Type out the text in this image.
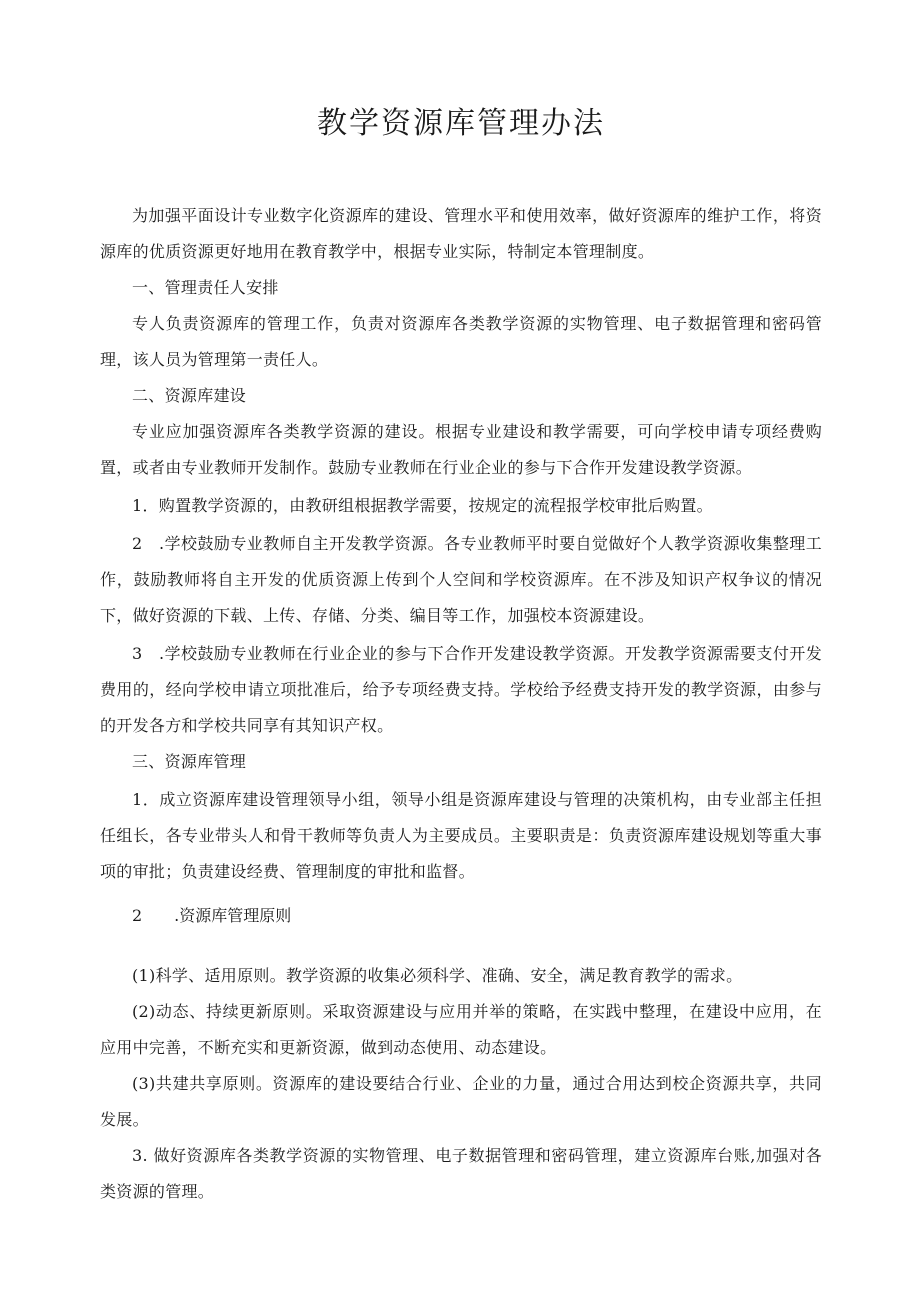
教学资源库管理办法

为加强平面设计专业数字化资源库的建设、管理水平和使用效率，做好资源库的维护工作，将资源库的优质资源更好地用在教育教学中，根据专业实际，特制定本管理制度。

一、管理责任人安排

专人负责资源库的管理工作，负责对资源库各类教学资源的实物管理、电子数据管理和密码管理，该人员为管理第一责任人。

二、资源库建设

专业应加强资源库各类教学资源的建设。根据专业建设和教学需要，可向学校申请专项经费购置，或者由专业教师开发制作。鼓励专业教师在行业企业的参与下合作开发建设教学资源。

1．购置教学资源的，由教研组根据教学需要，按规定的流程报学校审批后购置。

2　.学校鼓励专业教师自主开发教学资源。各专业教师平时要自觉做好个人教学资源收集整理工作，鼓励教师将自主开发的优质资源上传到个人空间和学校资源库。在不涉及知识产权争议的情况下，做好资源的下载、上传、存储、分类、编目等工作，加强校本资源建设。

3　.学校鼓励专业教师在行业企业的参与下合作开发建设教学资源。开发教学资源需要支付开发费用的，经向学校申请立项批准后，给予专项经费支持。学校给予经费支持开发的教学资源，由参与的开发各方和学校共同享有其知识产权。

三、资源库管理

1．成立资源库建设管理领导小组，领导小组是资源库建设与管理的决策机构，由专业部主任担任组长，各专业带头人和骨干教师等负责人为主要成员。主要职责是：负责资源库建设规划等重大事项的审批；负责建设经费、管理制度的审批和监督。

2　　.资源库管理原则

(1)科学、适用原则。教学资源的收集必须科学、准确、安全，满足教育教学的需求。

(2)动态、持续更新原则。采取资源建设与应用并举的策略，在实践中整理，在建设中应用，在应用中完善，不断充实和更新资源，做到动态使用、动态建设。

(3)共建共享原则。资源库的建设要结合行业、企业的力量，通过合用达到校企资源共享，共同发展。

3. 做好资源库各类教学资源的实物管理、电子数据管理和密码管理，建立资源库台账,加强对各类资源的管理。
